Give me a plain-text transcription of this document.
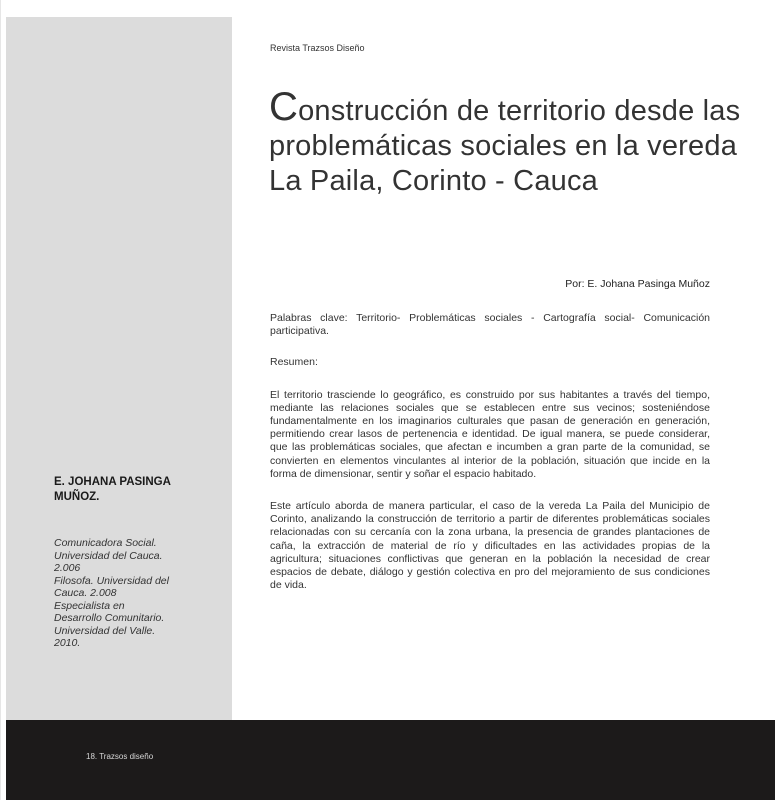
E. JOHANA PASINGA
MUÑOZ.

Comunicadora Social.
Universidad del Cauca.
2.006
Filosofa. Universidad del
Cauca. 2.008
Especialista en
Desarrollo Comunitario.
Universidad del Valle.
2010.
Revista Trazsos Diseño
Construcción de territorio desde las problemáticas sociales en la vereda La Paila, Corinto - Cauca
Por: E. Johana Pasinga Muñoz

Palabras clave: Territorio- Problemáticas sociales - Cartografía social- Comunicación participativa.

Resumen:

El territorio trasciende lo geográfico, es construido por sus habitantes a través del tiempo, mediante las relaciones sociales que se establecen entre sus vecinos; sosteniéndose fundamentalmente en los imaginarios culturales que pasan de generación en generación, permitiendo crear lasos de pertenencia e identidad. De igual manera, se puede considerar, que las problemáticas sociales, que afectan e incumben a gran parte de la comunidad, se convierten en elementos vinculantes al interior de la población, situación que incide en la forma de dimensionar, sentir y soñar el espacio habitado.

Este artículo aborda de manera particular, el caso de la vereda La Paila del Municipio de Corinto, analizando la construcción de territorio a partir de diferentes problemáticas sociales relacionadas con su cercanía con la zona urbana, la presencia de grandes plantaciones de caña, la extracción de material de río y dificultades en las actividades propias de la agricultura; situaciones conflictivas que generan en la población la necesidad de crear espacios de debate, diálogo y gestión colectiva en pro del mejoramiento de sus condiciones de vida.

18. Trazsos diseño
